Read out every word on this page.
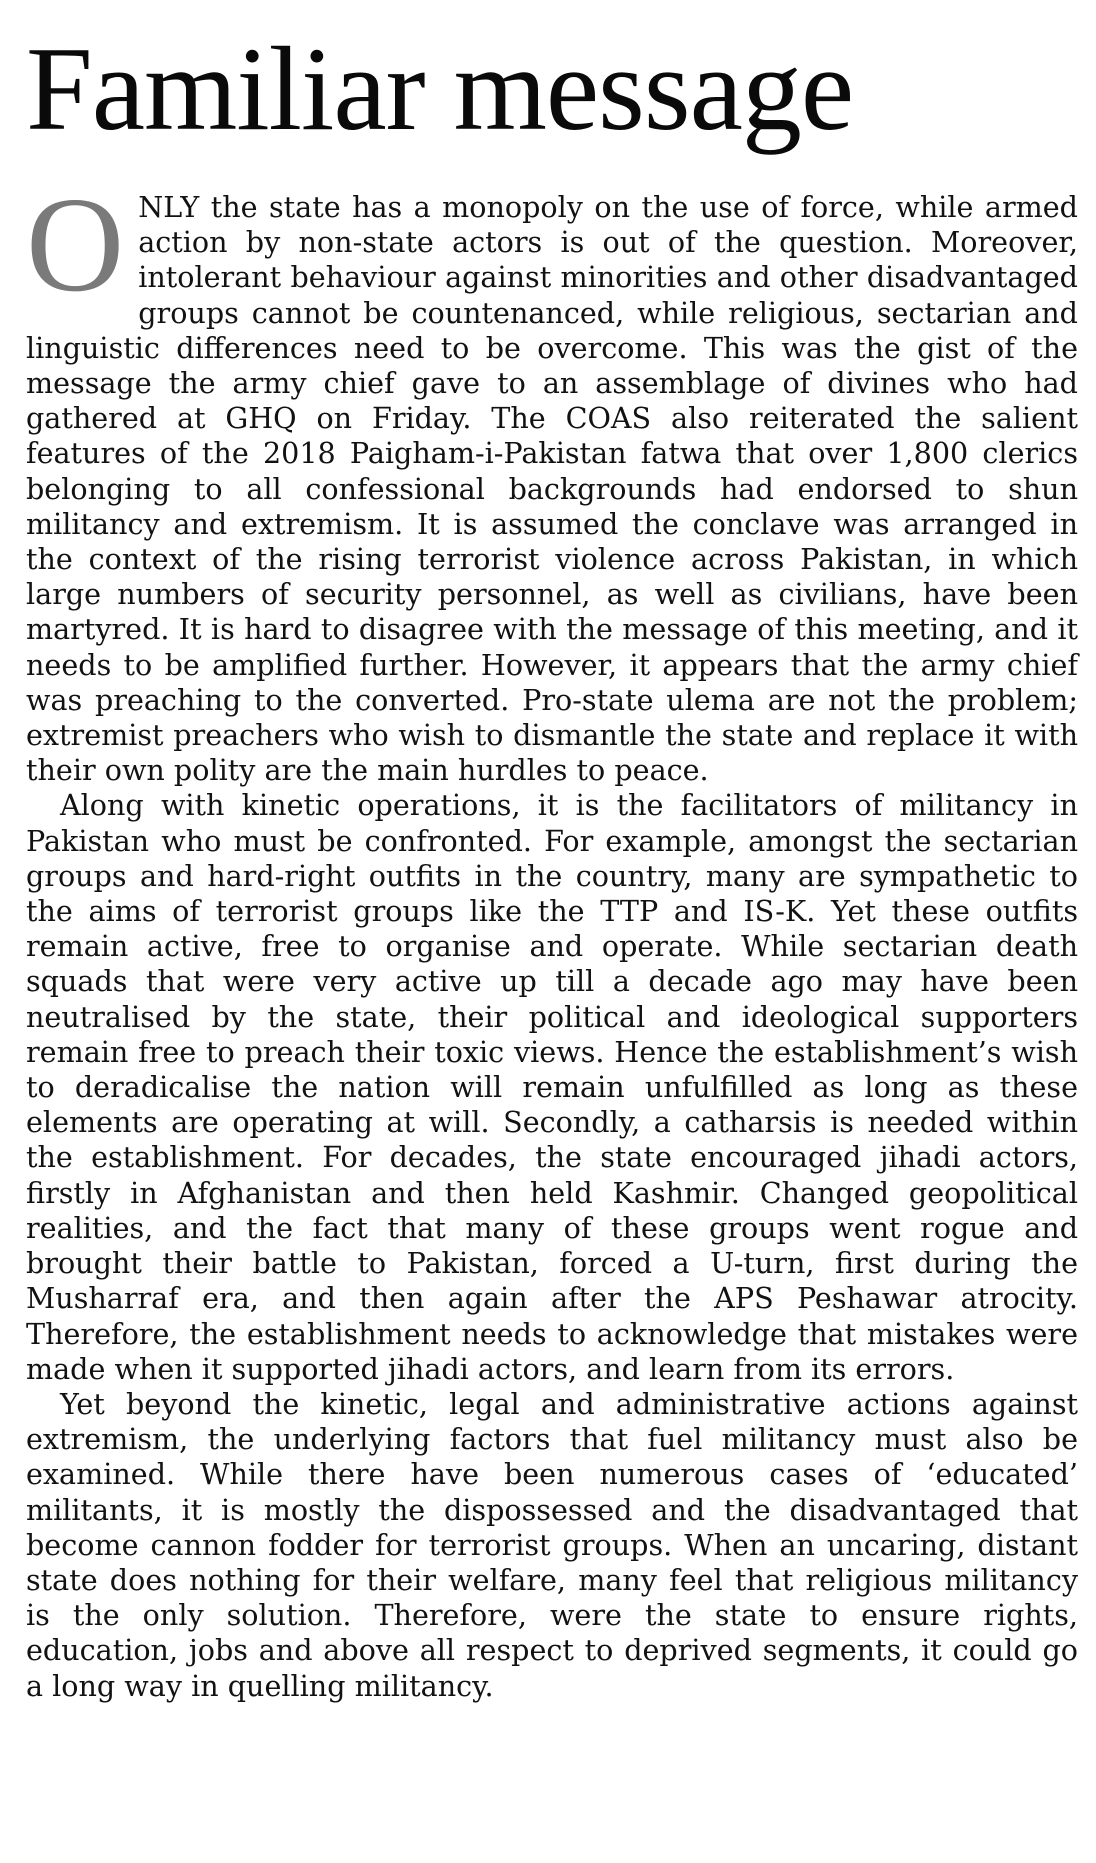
Familiar message

ONLY the state has a monopoly on the use of force, while armed action by non-state actors is out of the question. Moreover, intolerant behaviour against minorities and other disadvantaged groups cannot be countenanced, while religious, sectarian and linguistic differences need to be overcome. This was the gist of the message the army chief gave to an assemblage of divines who had gathered at GHQ on Friday. The COAS also reiterated the salient features of the 2018 Paigham-i-Pakistan fatwa that over 1,800 clerics belonging to all confessional backgrounds had endorsed to shun militancy and extremism. It is assumed the conclave was arranged in the context of the rising terrorist violence across Pakistan, in which large numbers of security personnel, as well as civilians, have been martyred. It is hard to disagree with the message of this meeting, and it needs to be amplified further. However, it appears that the army chief was preaching to the converted. Pro-state ulema are not the problem; extremist preachers who wish to dismantle the state and replace it with their own polity are the main hurdles to peace.

Along with kinetic operations, it is the facilitators of militancy in Pakistan who must be confronted. For example, amongst the sectarian groups and hard-right outfits in the country, many are sympathetic to the aims of terrorist groups like the TTP and IS-K. Yet these outfits remain active, free to organise and operate. While sectarian death squads that were very active up till a decade ago may have been neutralised by the state, their political and ideological supporters remain free to preach their toxic views. Hence the establishment’s wish to deradicalise the nation will remain unfulfilled as long as these elements are operating at will. Secondly, a catharsis is needed within the establishment. For decades, the state encouraged jihadi actors, firstly in Afghanistan and then held Kashmir. Changed geopolitical realities, and the fact that many of these groups went rogue and brought their battle to Pakistan, forced a U-turn, first during the Musharraf era, and then again after the APS Peshawar atrocity. Therefore, the establishment needs to acknowledge that mistakes were made when it supported jihadi actors, and learn from its errors.

Yet beyond the kinetic, legal and administrative actions against extremism, the underlying factors that fuel militancy must also be examined. While there have been numerous cases of ‘educated’ militants, it is mostly the dispossessed and the disadvantaged that become cannon fodder for terrorist groups. When an uncaring, distant state does nothing for their welfare, many feel that religious militancy is the only solution. Therefore, were the state to ensure rights, education, jobs and above all respect to deprived segments, it could go a long way in quelling militancy.
